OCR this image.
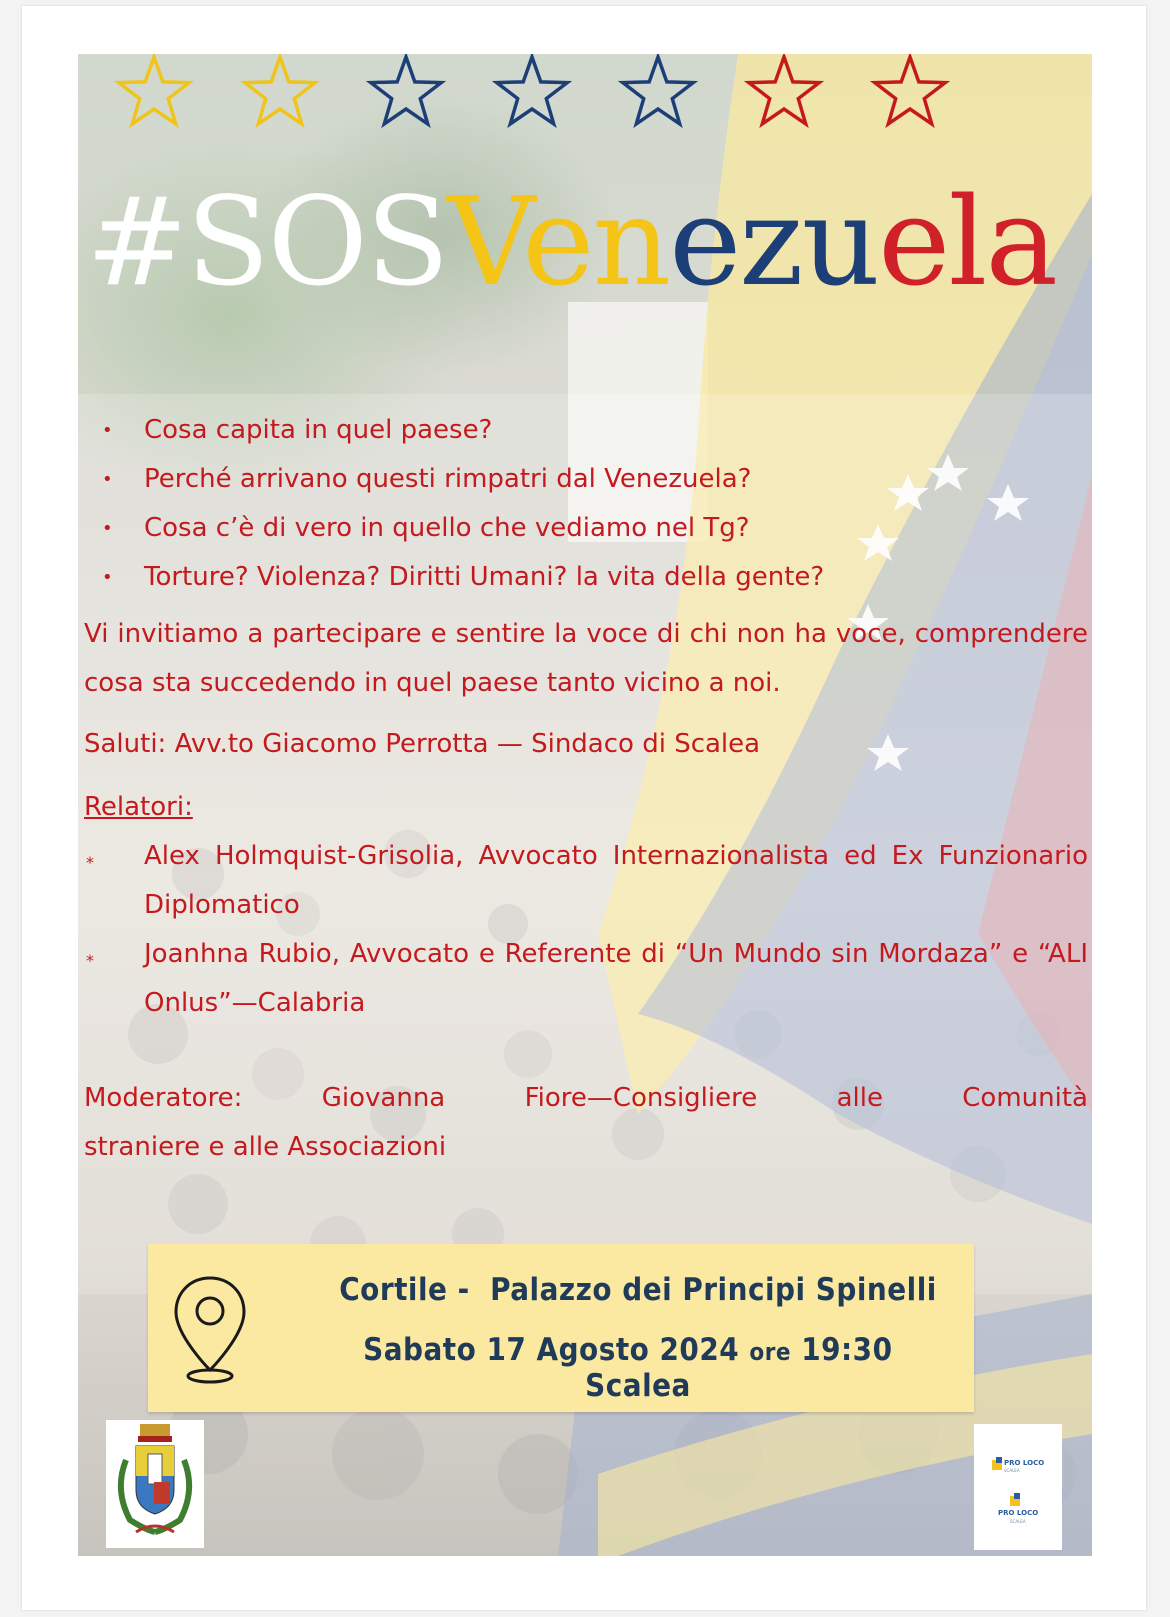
#SOSVenezuela
• Cosa capita in quel paese?
• Perché arrivano questi rimpatri dal Venezuela?
• Cosa c’è di vero in quello che vediamo nel Tg?
• Torture? Violenza? Diritti Umani? la vita della gente?

Vi invitiamo a partecipare e sentire la voce di chi non ha voce, comprendere cosa sta succedendo in quel paese tanto vicino a noi.

Saluti: Avv.to Giacomo Perrotta — Sindaco di Scalea

Relatori:

* Alex Holmquist-Grisolia, Avvocato Internazionalista ed Ex Funzionario Diplomatico
* Joanhna Rubio, Avvocato e Referente di “Un Mundo sin Mordaza” e “ALI Onlus”—Calabria
Moderatore:	Giovanna	Fiore—Consigliere	alle	Comunità
straniere e alle Associazioni
Cortile -  Palazzo dei Principi Spinelli
Sabato 17 Agosto 2024 ore 19:30   Scalea
PRO LOCO
SCALEA
PRO LOCO
SCALEA
